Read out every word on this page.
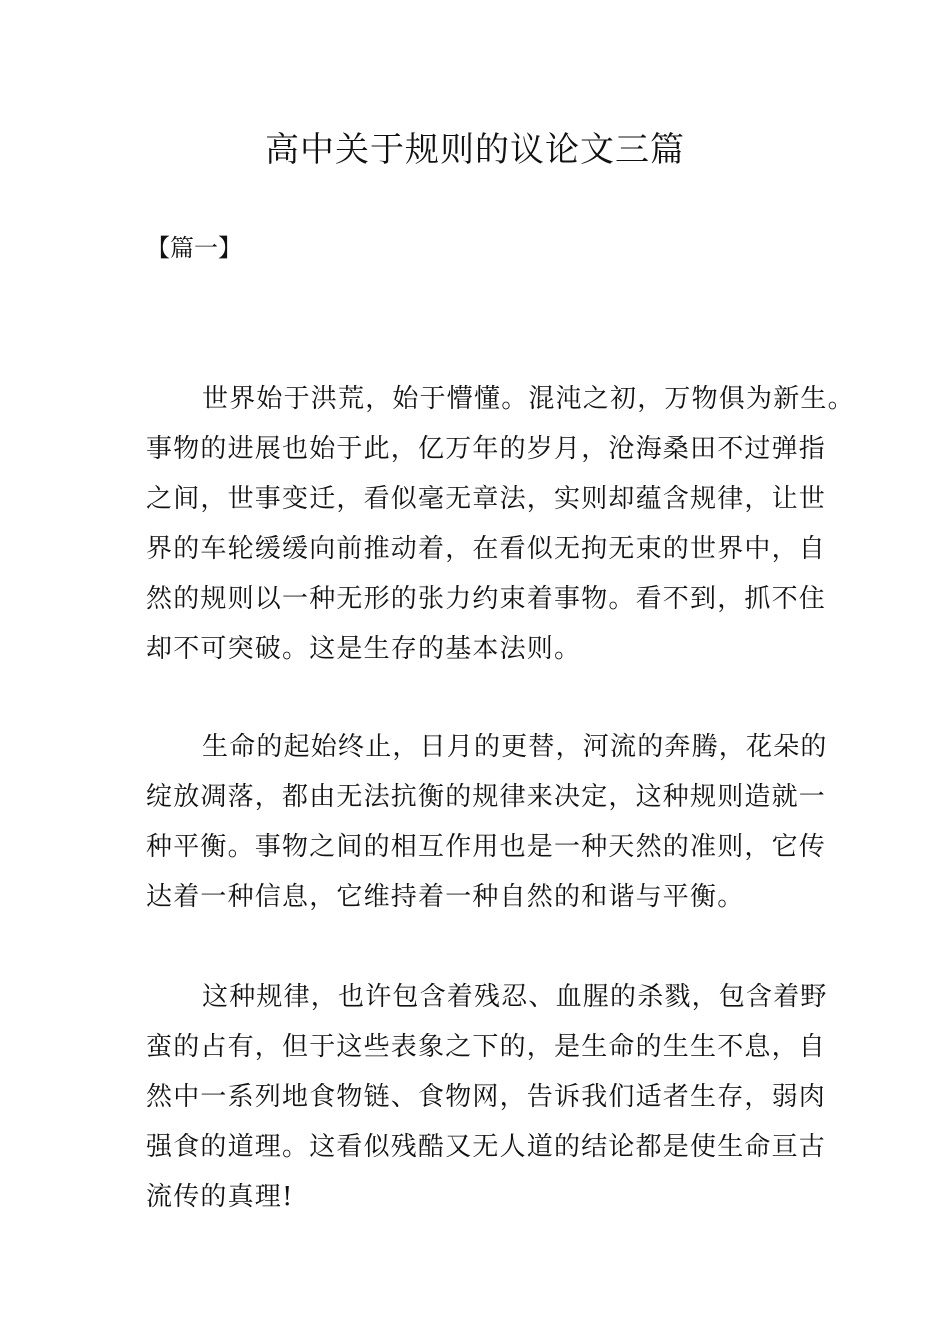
高中关于规则的议论文三篇
【篇一】
世界始于洪荒，始于懵懂。混沌之初，万物俱为新生。
事物的进展也始于此，亿万年的岁月，沧海桑田不过弹指
之间，世事变迁，看似毫无章法，实则却蕴含规律，让世
界的车轮缓缓向前推动着，在看似无拘无束的世界中，自
然的规则以一种无形的张力约束着事物。看不到，抓不住
却不可突破。这是生存的基本法则。
生命的起始终止，日月的更替，河流的奔腾，花朵的
绽放凋落，都由无法抗衡的规律来决定，这种规则造就一
种平衡。事物之间的相互作用也是一种天然的准则，它传
达着一种信息，它维持着一种自然的和谐与平衡。
这种规律，也许包含着残忍、血腥的杀戮，包含着野
蛮的占有，但于这些表象之下的，是生命的生生不息，自
然中一系列地食物链、食物网，告诉我们适者生存，弱肉
强食的道理。这看似残酷又无人道的结论都是使生命亘古
流传的真理!
